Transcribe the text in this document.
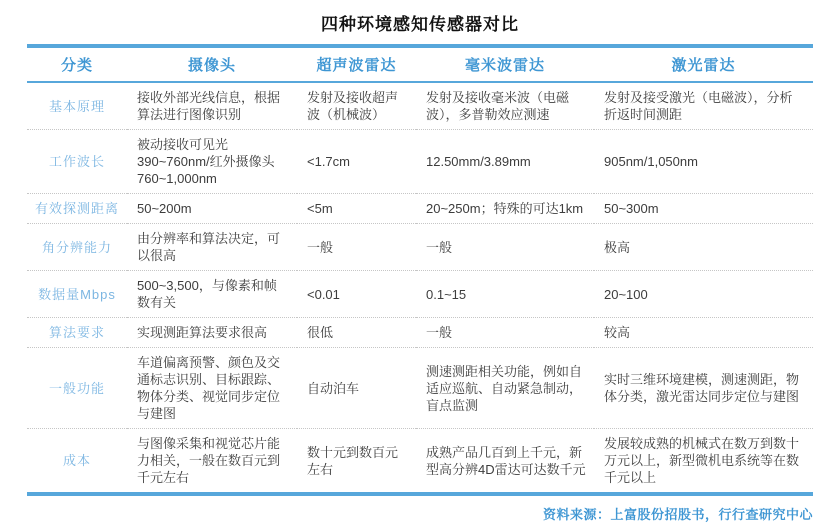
四种环境感知传感器对比
分类	摄像头	超声波雷达	毫米波雷达	激光雷达
基本原理	接收外部光线信息，根据算法进行图像识别	发射及接收超声波（机械波）	发射及接收毫米波（电磁波），多普勒效应测速	发射及接受激光（电磁波），分析折返时间测距
工作波长	被动接收可见光390~760nm/红外摄像头760~1,000nm	<1.7cm	12.50mm/3.89mm	905nm/1,050nm
有效探测距离	50~200m	<5m	20~250m；特殊的可达1km	50~300m
角分辨能力	由分辨率和算法决定，可以很高	一般	一般	极高
数据量Mbps	500~3,500，与像素和帧数有关	<0.01	0.1~15	20~100
算法要求	实现测距算法要求很高	很低	一般	较高
一般功能	车道偏离预警、颜色及交通标志识别、目标跟踪、物体分类、视觉同步定位与建图	自动泊车	测速测距相关功能，例如自适应巡航、自动紧急制动，盲点监测	实时三维环境建模，测速测距，物体分类，激光雷达同步定位与建图
成本	与图像采集和视觉芯片能力相关，一般在数百元到千元左右	数十元到数百元左右	成熟产品几百到上千元，新型高分辨4D雷达可达数千元	发展较成熟的机械式在数万到数十万元以上，新型微机电系统等在数千元以上
资料来源：上富股份招股书，行行查研究中心
